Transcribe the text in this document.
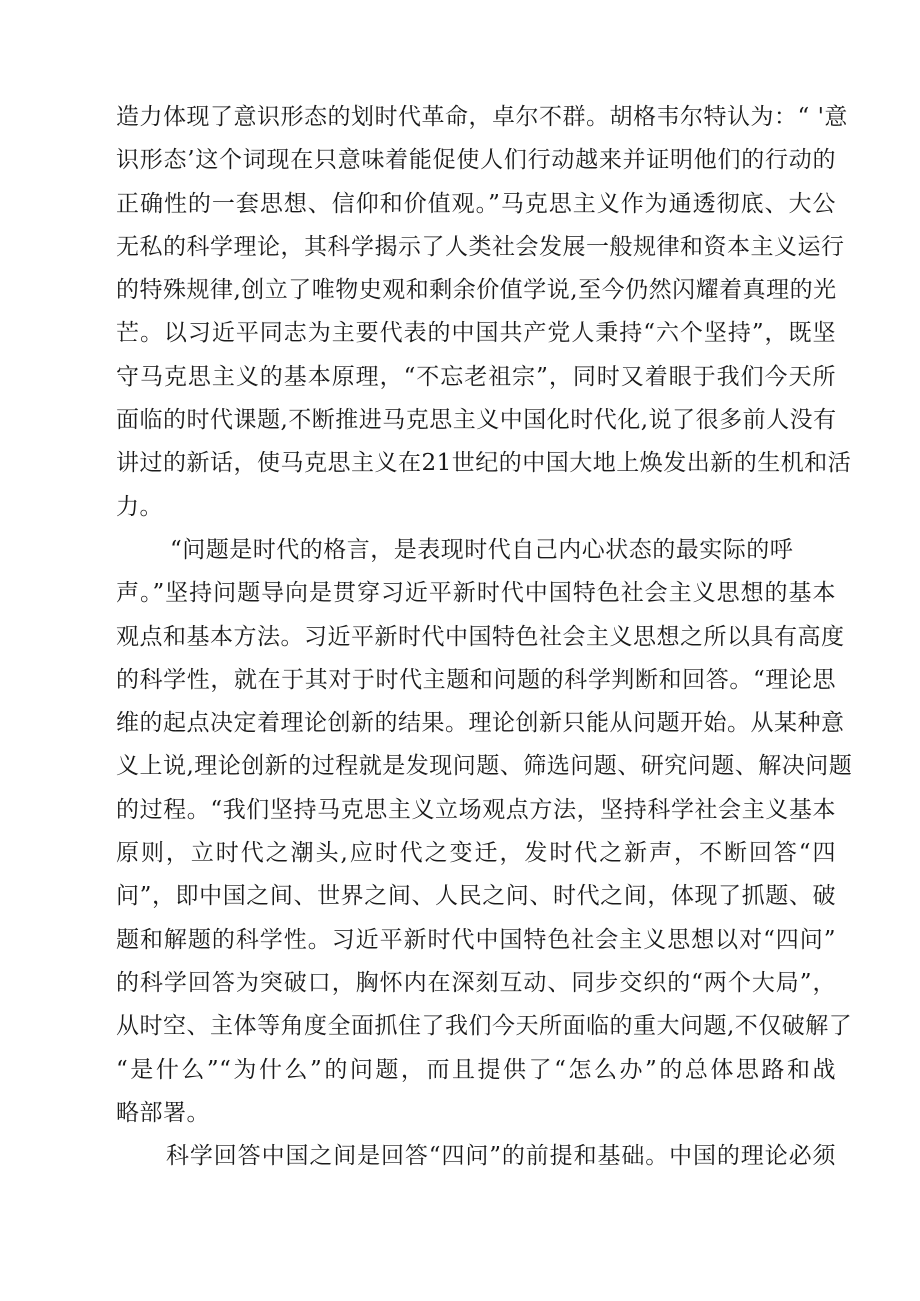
造力体现了意识形态的划时代革命，卓尔不群。胡格韦尔特认为：“ '意
识形态’这个词现在只意味着能促使人们行动越来并证明他们的行动的
正确性的一套思想、信仰和价值观。”马克思主义作为通透彻底、大公
无私的科学理论，其科学揭示了人类社会发展一般规律和资本主义运行
的特殊规律,创立了唯物史观和剩余价值学说,至今仍然闪耀着真理的光
芒。以习近平同志为主要代表的中国共产党人秉持“六个坚持”，既坚
守马克思主义的基本原理，“不忘老祖宗”，同时又着眼于我们今天所
面临的时代课题,不断推进马克思主义中国化时代化,说了很多前人没有
讲过的新话，使马克思主义在21世纪的中国大地上焕发出新的生机和活
力。
“问题是时代的格言，是表现时代自己内心状态的最实际的呼
声。”坚持问题导向是贯穿习近平新时代中国特色社会主义思想的基本
观点和基本方法。习近平新时代中国特色社会主义思想之所以具有高度
的科学性，就在于其对于时代主题和问题的科学判断和回答。“理论思
维的起点决定着理论创新的结果。理论创新只能从问题开始。从某种意
义上说,理论创新的过程就是发现问题、筛选问题、研究问题、解决问题
的过程。“我们坚持马克思主义立场观点方法，坚持科学社会主义基本
原则，立时代之潮头,应时代之变迁，发时代之新声，不断回答“四
问”，即中国之间、世界之间、人民之问、时代之间，体现了抓题、破
题和解题的科学性。习近平新时代中国特色社会主义思想以对“四问”
的科学回答为突破口，胸怀内在深刻互动、同步交织的“两个大局”，
从时空、主体等角度全面抓住了我们今天所面临的重大问题,不仅破解了
“是什么”“为什么”的问题，而且提供了“怎么办”的总体思路和战
略部署。
科学回答中国之间是回答“四问”的前提和基础。中国的理论必须
